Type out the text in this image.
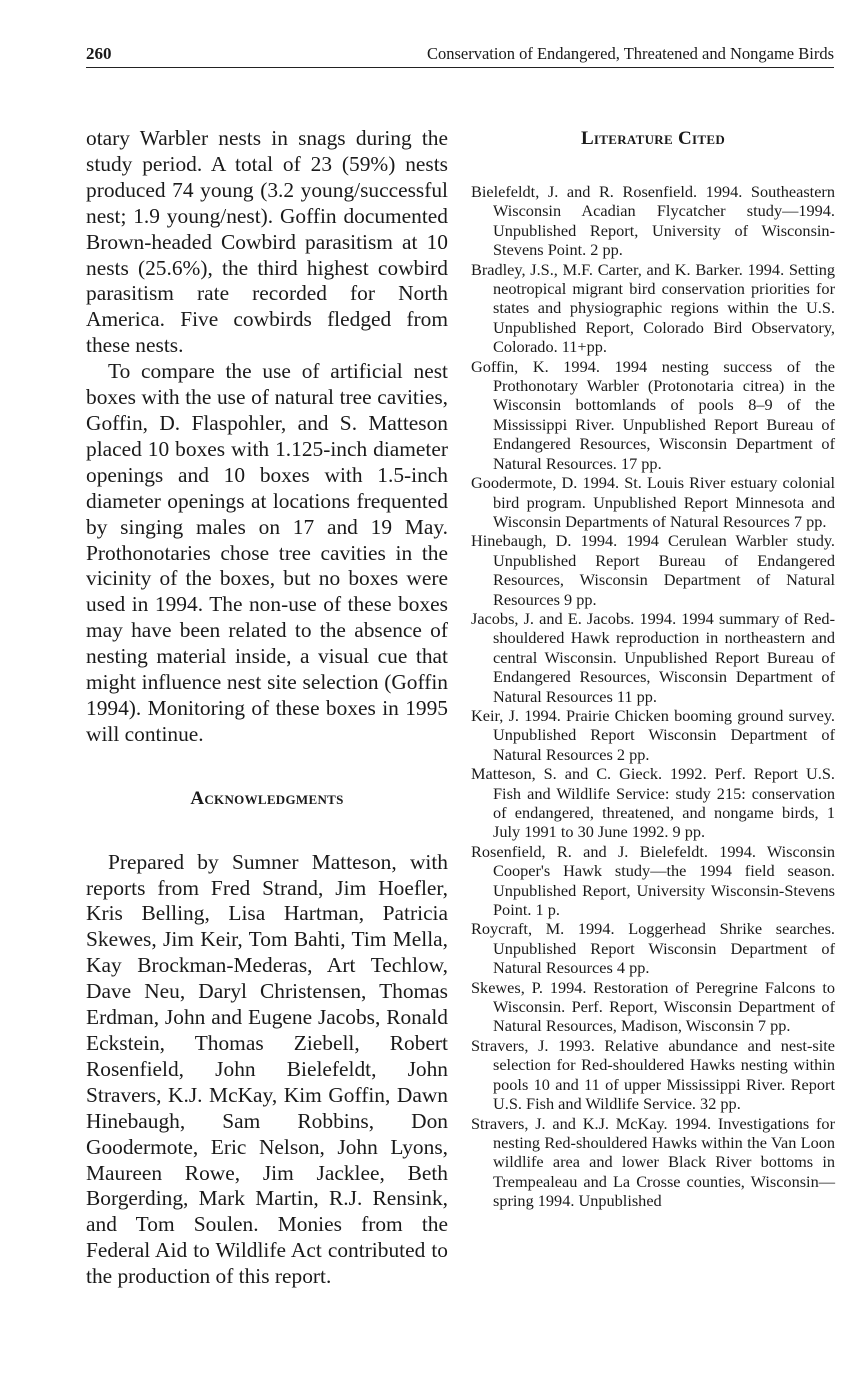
260	Conservation of Endangered, Threatened and Nongame Birds

otary Warbler nests in snags during the study period. A total of 23 (59%) nests produced 74 young (3.2 young/successful nest; 1.9 young/nest). Goffin documented Brown-headed Cowbird parasitism at 10 nests (25.6%), the third highest cowbird parasitism rate recorded for North America. Five cowbirds fledged from these nests.

To compare the use of artificial nest boxes with the use of natural tree cavities, Goffin, D. Flaspohler, and S. Matteson placed 10 boxes with 1.125-inch diameter openings and 10 boxes with 1.5-inch diameter openings at locations frequented by singing males on 17 and 19 May. Prothonotaries chose tree cavities in the vicinity of the boxes, but no boxes were used in 1994. The non-use of these boxes may have been related to the absence of nesting material inside, a visual cue that might influence nest site selection (Goffin 1994). Monitoring of these boxes in 1995 will continue.

Acknowledgments

Prepared by Sumner Matteson, with reports from Fred Strand, Jim Hoefler, Kris Belling, Lisa Hartman, Patricia Skewes, Jim Keir, Tom Bahti, Tim Mella, Kay Brockman-Mederas, Art Techlow, Dave Neu, Daryl Christensen, Thomas Erdman, John and Eugene Jacobs, Ronald Eckstein, Thomas Ziebell, Robert Rosenfield, John Bielefeldt, John Stravers, K.J. McKay, Kim Goffin, Dawn Hinebaugh, Sam Robbins, Don Goodermote, Eric Nelson, John Lyons, Maureen Rowe, Jim Jacklee, Beth Borgerding, Mark Martin, R.J. Rensink, and Tom Soulen. Monies from the Federal Aid to Wildlife Act contributed to the production of this report.

Literature Cited

Bielefeldt, J. and R. Rosenfield. 1994. Southeastern Wisconsin Acadian Flycatcher study—1994. Unpublished Report, University of Wisconsin-Stevens Point. 2 pp.

Bradley, J.S., M.F. Carter, and K. Barker. 1994. Setting neotropical migrant bird conservation priorities for states and physiographic regions within the U.S. Unpublished Report, Colorado Bird Observatory, Colorado. 11+pp.

Goffin, K. 1994. 1994 nesting success of the Prothonotary Warbler (Protonotaria citrea) in the Wisconsin bottomlands of pools 8–9 of the Mississippi River. Unpublished Report Bureau of Endangered Resources, Wisconsin Department of Natural Resources. 17 pp.

Goodermote, D. 1994. St. Louis River estuary colonial bird program. Unpublished Report Minnesota and Wisconsin Departments of Natural Resources 7 pp.

Hinebaugh, D. 1994. 1994 Cerulean Warbler study. Unpublished Report Bureau of Endangered Resources, Wisconsin Department of Natural Resources 9 pp.

Jacobs, J. and E. Jacobs. 1994. 1994 summary of Red-shouldered Hawk reproduction in northeastern and central Wisconsin. Unpublished Report Bureau of Endangered Resources, Wisconsin Department of Natural Resources 11 pp.

Keir, J. 1994. Prairie Chicken booming ground survey. Unpublished Report Wisconsin Department of Natural Resources 2 pp.

Matteson, S. and C. Gieck. 1992. Perf. Report U.S. Fish and Wildlife Service: study 215: conservation of endangered, threatened, and nongame birds, 1 July 1991 to 30 June 1992. 9 pp.

Rosenfield, R. and J. Bielefeldt. 1994. Wisconsin Cooper's Hawk study—the 1994 field season. Unpublished Report, University Wisconsin-Stevens Point. 1 p.

Roycraft, M. 1994. Loggerhead Shrike searches. Unpublished Report Wisconsin Department of Natural Resources 4 pp.

Skewes, P. 1994. Restoration of Peregrine Falcons to Wisconsin. Perf. Report, Wisconsin Department of Natural Resources, Madison, Wisconsin 7 pp.

Stravers, J. 1993. Relative abundance and nest-site selection for Red-shouldered Hawks nesting within pools 10 and 11 of upper Mississippi River. Report U.S. Fish and Wildlife Service. 32 pp.

Stravers, J. and K.J. McKay. 1994. Investigations for nesting Red-shouldered Hawks within the Van Loon wildlife area and lower Black River bottoms in Trempealeau and La Crosse counties, Wisconsin—spring 1994. Unpublished
